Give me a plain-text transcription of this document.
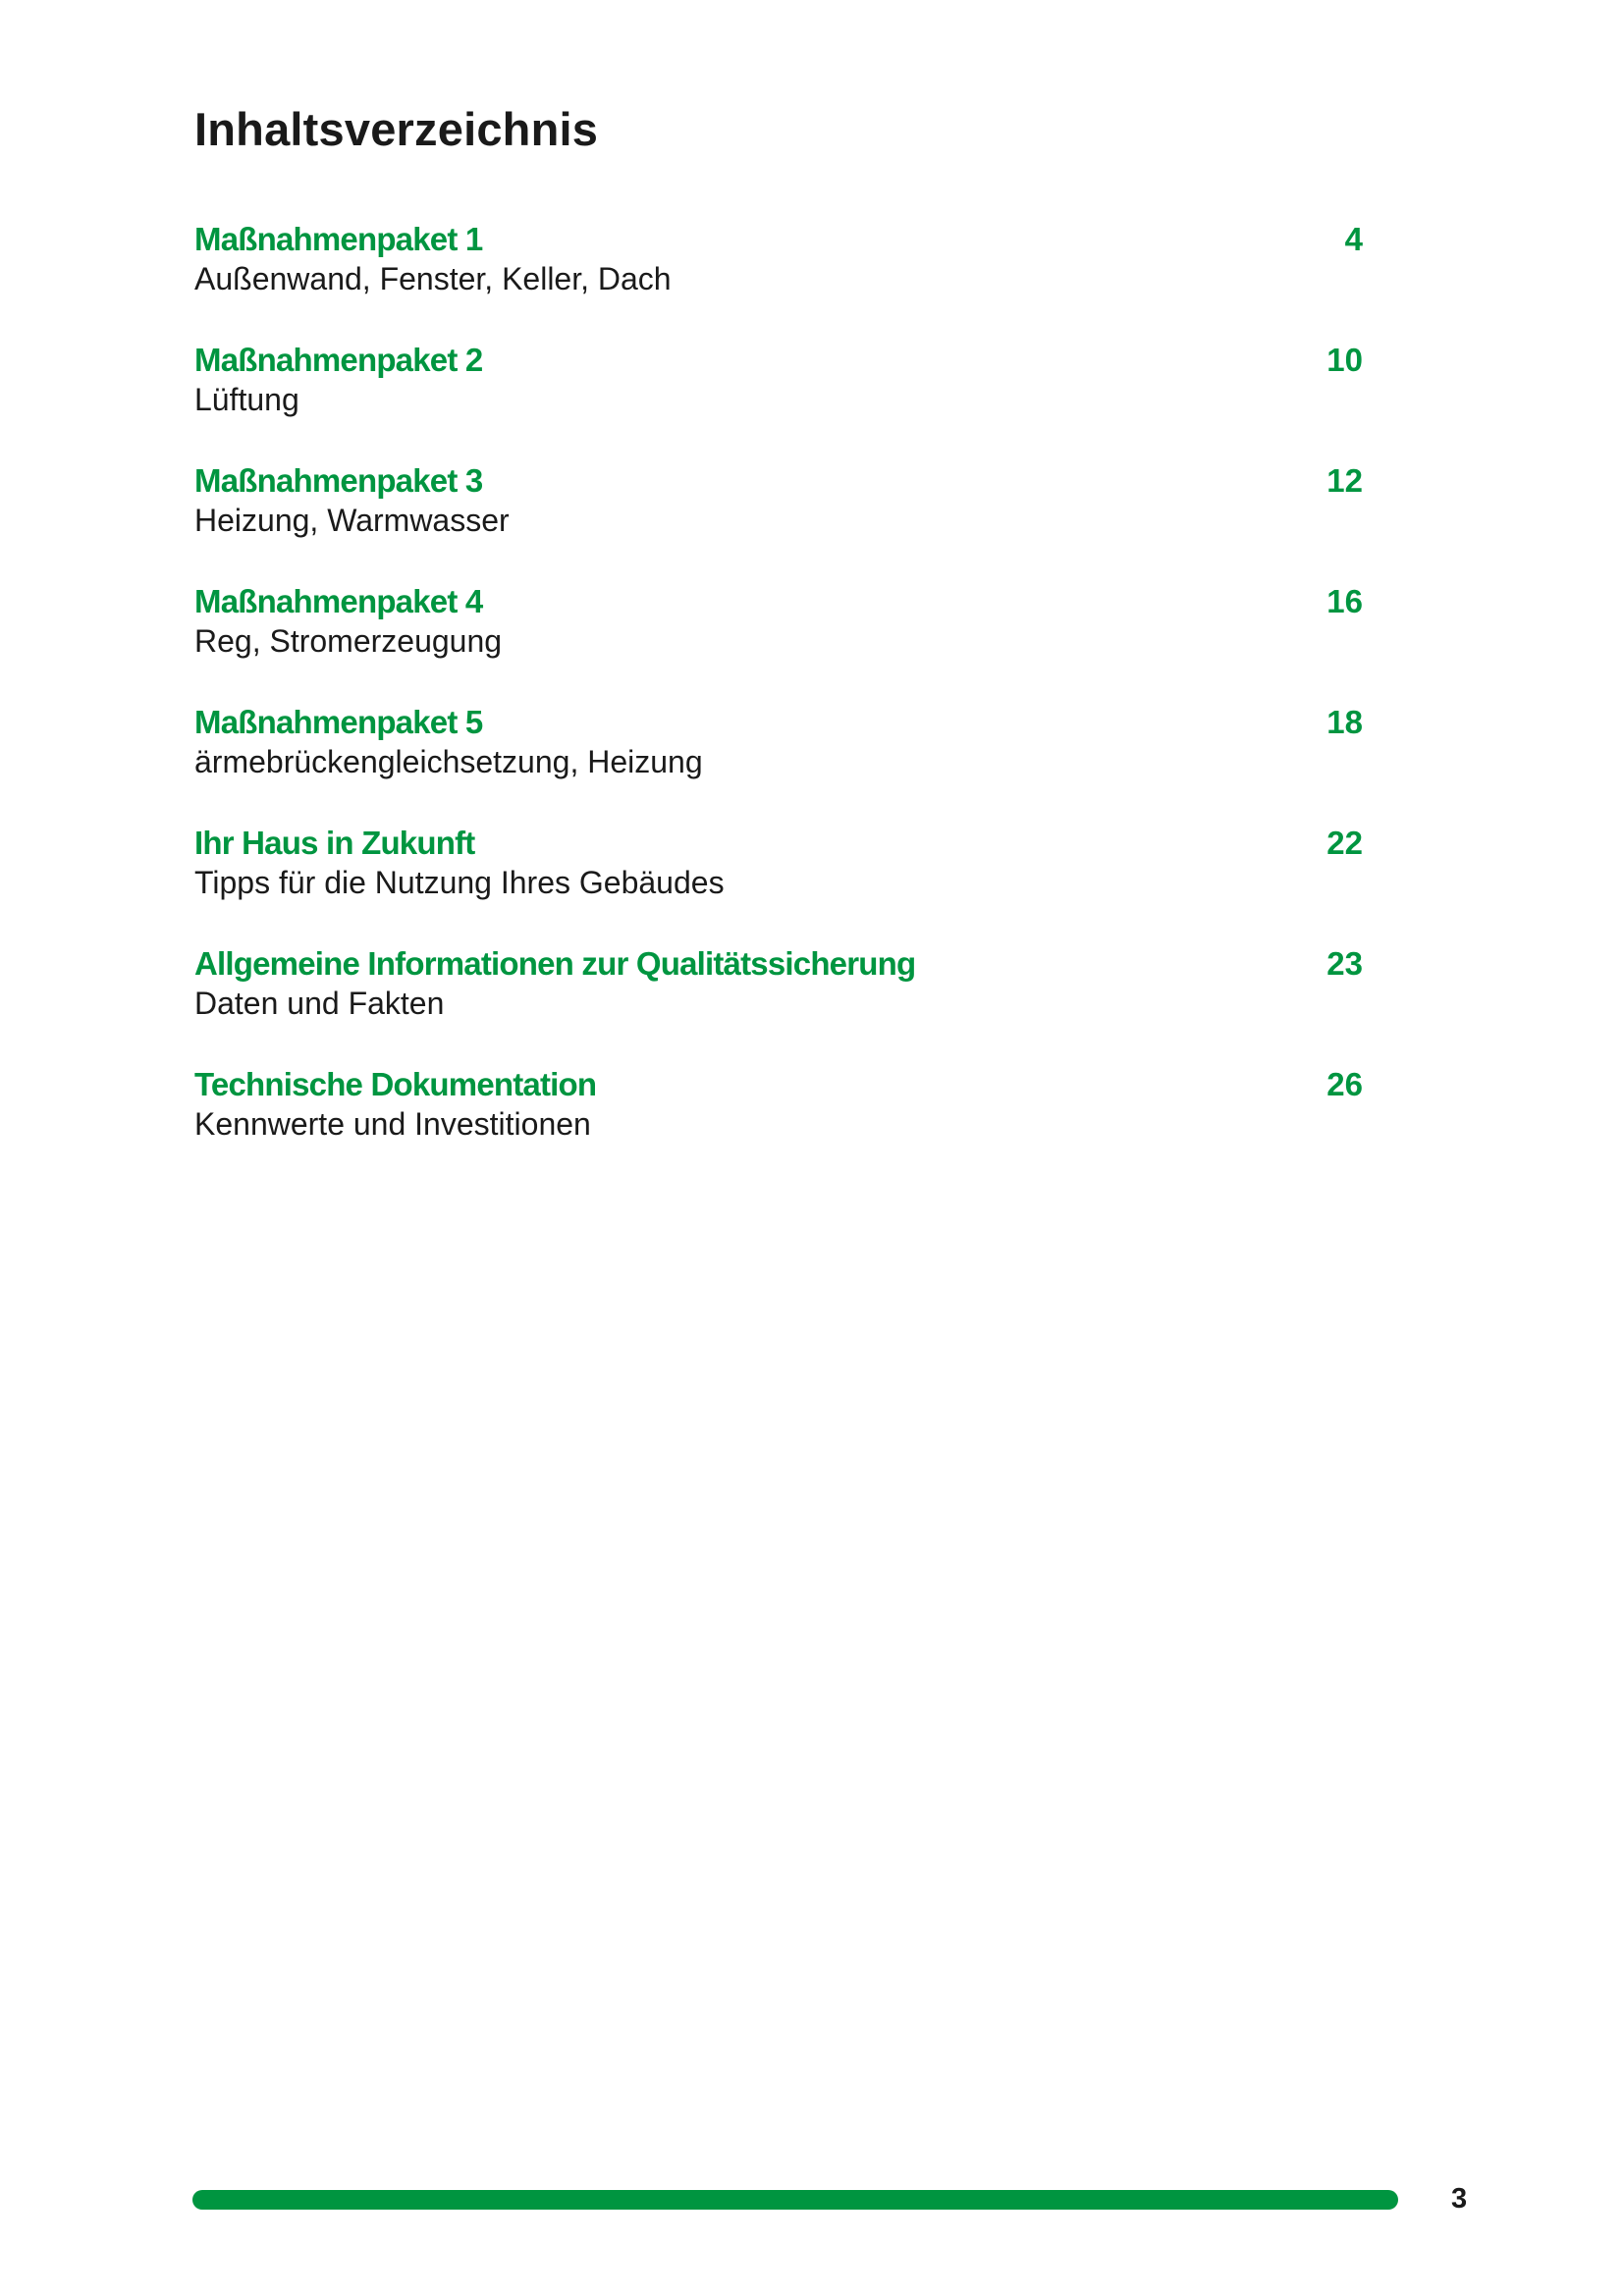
Inhaltsverzeichnis
Maßnahmenpaket 1	4
Außenwand, Fenster, Keller, Dach
Maßnahmenpaket 2	10
Lüftung
Maßnahmenpaket 3	12
Heizung, Warmwasser
Maßnahmenpaket 4	16
Reg, Stromerzeugung
Maßnahmenpaket 5	18
ärmebrückengleichsetzung, Heizung
Ihr Haus in Zukunft	22
Tipps für die Nutzung Ihres Gebäudes
Allgemeine Informationen zur Qualitätssicherung	23
Daten und Fakten
Technische Dokumentation	26
Kennwerte und Investitionen
3
